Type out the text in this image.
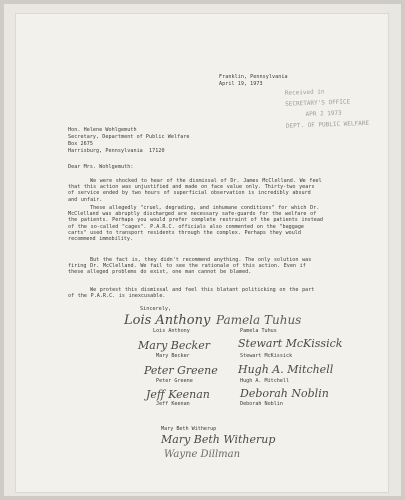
Franklin, Pennsylvania
April 19, 1973
Received in
SECRETARY'S OFFICE
APR 2 1973
DEPT. OF PUBLIC WELFARE
Hon. Helene Wohlgemuth
Secretary, Department of Public Welfare
Box 2675
Harrisburg, Pennsylvania  17120
Dear Mrs. Wohlgemuth:
We were shocked to hear of the dismissal of Dr. James McClelland. We feel that this action was unjustified and made on face value only. Thirty-two years of service ended by two hours of superficial observation is incredibly absurd and unfair.
These allegedly "cruel, degrading, and inhumane conditions" for which Dr. McClelland was abruptly discharged are necessary safe-guards for the welfare of the patients. Perhaps you would prefer complete restraint of the patients instead of the so-called "cages". P.A.R.C. officials also commented on the "baggage carts" used to transport residents through the complex. Perhaps they would recommend immobility.
But the fact is, they didn't recommend anything. The only solution was firing Dr. McClelland. We fail to see the rationale of this action. Even if these alleged problems do exist, one man cannot be blamed.
We protest this dismissal and feel this blatant politicking on the part of the P.A.R.C. is inexcusable.
Sincerely,
Lois Anthony Pamela Tuhus
Lois Anthony	Pamela Tuhus
Mary Becker	Stewart McKissick
Mary Becker	Stewart McKissick
Peter Greene Hugh A. Mitchell
Peter Greene	Hugh A. Mitchell
Jeff Keenan	Deborah Noblin
Jeff Keenan	Deborah Noblin
Mary Beth Witherup
Mary Beth Witherup
Wayne Dillman
